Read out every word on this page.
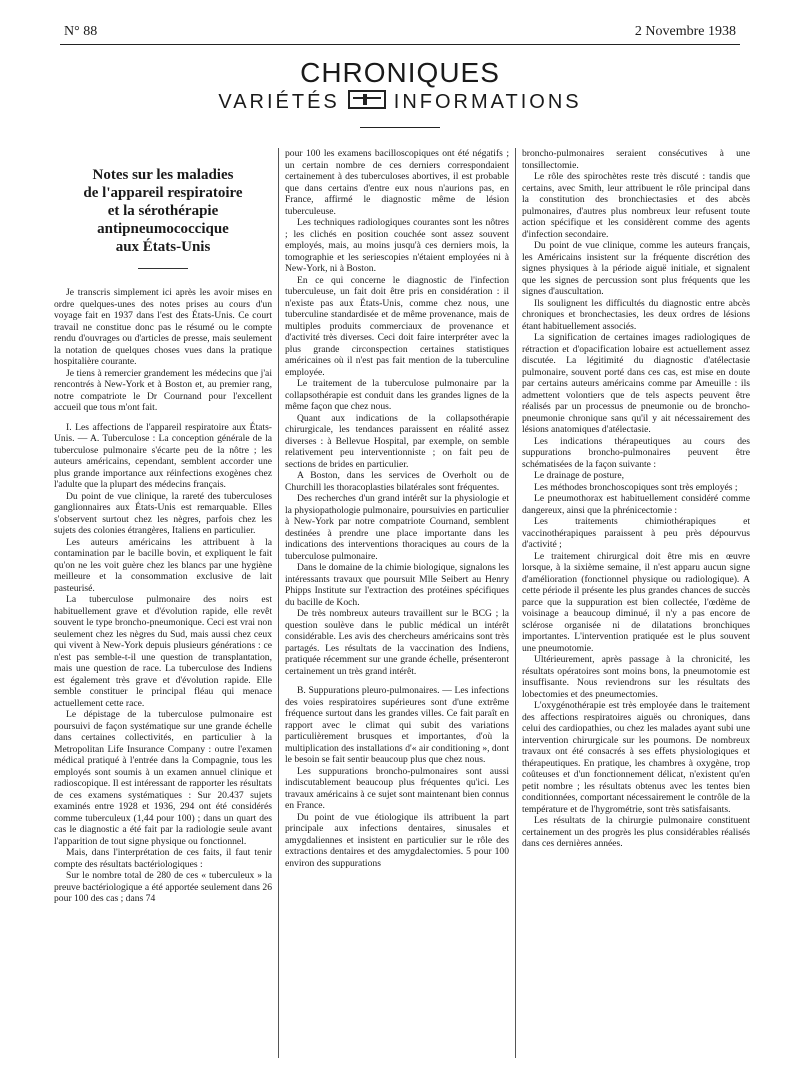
N° 88	2 Novembre 1938
CHRONIQUES
VARIÉTÉS	INFORMATIONS
Notes sur les maladies
de l'appareil respiratoire
et la sérothérapie
antipneumococcique
aux États-Unis

Je transcris simplement ici après les avoir mises en ordre quelques-unes des notes prises au cours d'un voyage fait en 1937 dans l'est des États-Unis. Ce court travail ne constitue donc pas le résumé ou le compte rendu d'ouvrages ou d'articles de presse, mais seulement la notation de quelques choses vues dans la pratique hospitalière courante.

Je tiens à remercier grandement les médecins que j'ai rencontrés à New-York et à Boston et, au premier rang, notre compatriote le Dr Cournand pour l'excellent accueil que tous m'ont fait.

I. Les affections de l'appareil respiratoire aux États-Unis. — A. Tuberculose : La conception générale de la tuberculose pulmonaire s'écarte peu de la nôtre ; les auteurs américains, cependant, semblent accorder une plus grande importance aux réinfections exogènes chez l'adulte que la plupart des médecins français.

Du point de vue clinique, la rareté des tuberculoses ganglionnaires aux États-Unis est remarquable. Elles s'observent surtout chez les nègres, parfois chez les sujets des colonies étrangères, Italiens en particulier.

Les auteurs américains les attribuent à la contamination par le bacille bovin, et expliquent le fait qu'on ne les voit guère chez les blancs par une hygiène meilleure et la consommation exclusive de lait pasteurisé.

La tuberculose pulmonaire des noirs est habituellement grave et d'évolution rapide, elle revêt souvent le type broncho-pneumonique. Ceci est vrai non seulement chez les nègres du Sud, mais aussi chez ceux qui vivent à New-York depuis plusieurs générations : ce n'est pas semble-t-il une question de transplantation, mais une question de race. La tuberculose des Indiens est également très grave et d'évolution rapide. Elle semble constituer le principal fléau qui menace actuellement cette race.

Le dépistage de la tuberculose pulmonaire est poursuivi de façon systématique sur une grande échelle dans certaines collectivités, en particulier à la Metropolitan Life Insurance Company : outre l'examen médical pratiqué à l'entrée dans la Compagnie, tous les employés sont soumis à un examen annuel clinique et radioscopique. Il est intéressant de rapporter les résultats de ces examens systématiques : Sur 20.437 sujets examinés entre 1928 et 1936, 294 ont été considérés comme tuberculeux (1,44 pour 100) ; dans un quart des cas le diagnostic a été fait par la radiologie seule avant l'apparition de tout signe physique ou fonctionnel.

Mais, dans l'interprétation de ces faits, il faut tenir compte des résultats bactériologiques :

Sur le nombre total de 280 de ces « tuberculeux » la preuve bactériologique a été apportée seulement dans 26 pour 100 des cas ; dans 74

pour 100 les examens bacilloscopiques ont été négatifs ; un certain nombre de ces derniers correspondaient certainement à des tuberculoses abortives, il est probable que dans certains d'entre eux nous n'aurions pas, en France, affirmé le diagnostic même de lésion tuberculeuse.

Les techniques radiologiques courantes sont les nôtres ; les clichés en position couchée sont assez souvent employés, mais, au moins jusqu'à ces derniers mois, la tomographie et les seriescopies n'étaient employées ni à New-York, ni à Boston.

En ce qui concerne le diagnostic de l'infection tuberculeuse, un fait doit être pris en considération : il n'existe pas aux États-Unis, comme chez nous, une tuberculine standardisée et de même provenance, mais de multiples produits commerciaux de provenance et d'activité très diverses. Ceci doit faire interpréter avec la plus grande circonspection certaines statistiques américaines où il n'est pas fait mention de la tuberculine employée.

Le traitement de la tuberculose pulmonaire par la collapsothérapie est conduit dans les grandes lignes de la même façon que chez nous.

Quant aux indications de la collapsothérapie chirurgicale, les tendances paraissent en réalité assez diverses : à Bellevue Hospital, par exemple, on semble relativement peu interventionniste ; on fait peu de sections de brides en particulier.

A Boston, dans les services de Overholt ou de Churchill les thoracoplasties bilatérales sont fréquentes.

Des recherches d'un grand intérêt sur la physiologie et la physiopathologie pulmonaire, poursuivies en particulier à New-York par notre compatriote Cournand, semblent destinées à prendre une place importante dans les indications des interventions thoraciques au cours de la tuberculose pulmonaire.

Dans le domaine de la chimie biologique, signalons les intéressants travaux que poursuit Mlle Seibert au Henry Phipps Institute sur l'extraction des protéines spécifiques du bacille de Koch.

De très nombreux auteurs travaillent sur le BCG ; la question soulève dans le public médical un intérêt considérable. Les avis des chercheurs américains sont très partagés. Les résultats de la vaccination des Indiens, pratiquée récemment sur une grande échelle, présenteront certainement un très grand intérêt.

B. Suppurations pleuro-pulmonaires. — Les infections des voies respiratoires supérieures sont d'une extrême fréquence surtout dans les grandes villes. Ce fait paraît en rapport avec le climat qui subit des variations particulièrement brusques et importantes, d'où la multiplication des installations d'« air conditioning », dont le besoin se fait sentir beaucoup plus que chez nous.

Les suppurations broncho-pulmonaires sont aussi indiscutablement beaucoup plus fréquentes qu'ici. Les travaux américains à ce sujet sont maintenant bien connus en France.

Du point de vue étiologique ils attribuent la part principale aux infections dentaires, sinusales et amygdaliennes et insistent en particulier sur le rôle des extractions dentaires et des amygdalectomies. 5 pour 100 environ des suppurations

broncho-pulmonaires seraient consécutives à une tonsillectomie.

Le rôle des spirochètes reste très discuté : tandis que certains, avec Smith, leur attribuent le rôle principal dans la constitution des bronchiectasies et des abcès pulmonaires, d'autres plus nombreux leur refusent toute action spécifique et les considèrent comme des agents d'infection secondaire.

Du point de vue clinique, comme les auteurs français, les Américains insistent sur la fréquente discrétion des signes physiques à la période aiguë initiale, et signalent que les signes de percussion sont plus fréquents que les signes d'auscultation.

Ils soulignent les difficultés du diagnostic entre abcès chroniques et bronchectasies, les deux ordres de lésions étant habituellement associés.

La signification de certaines images radiologiques de rétraction et d'opacification lobaire est actuellement assez discutée. La légitimité du diagnostic d'atélectasie pulmonaire, souvent porté dans ces cas, est mise en doute par certains auteurs américains comme par Ameuille : ils admettent volontiers que de tels aspects peuvent être réalisés par un processus de pneumonie ou de broncho-pneumonie chronique sans qu'il y ait nécessairement des lésions anatomiques d'atélectasie.

Les indications thérapeutiques au cours des suppurations broncho-pulmonaires peuvent être schématisées de la façon suivante :

Le drainage de posture,

Les méthodes bronchoscopiques sont très employés ;

Le pneumothorax est habituellement considéré comme dangereux, ainsi que la phrénicectomie :

Les traitements chimiothérapiques et vaccinothérapiques paraissent à peu près dépourvus d'activité ;

Le traitement chirurgical doit être mis en œuvre lorsque, à la sixième semaine, il n'est apparu aucun signe d'amélioration (fonctionnel physique ou radiologique). A cette période il présente les plus grandes chances de succès parce que la suppuration est bien collectée, l'œdème de voisinage a beaucoup diminué, il n'y a pas encore de sclérose organisée ni de dilatations bronchiques importantes. L'intervention pratiquée est le plus souvent une pneumotomie.

Ultérieurement, après passage à la chronicité, les résultats opératoires sont moins bons, la pneumotomie est insuffisante. Nous reviendrons sur les résultats des lobectomies et des pneumectomies.

L'oxygénothérapie est très employée dans le traitement des affections respiratoires aiguës ou chroniques, dans celui des cardiopathies, ou chez les malades ayant subi une intervention chirurgicale sur les poumons. De nombreux travaux ont été consacrés à ses effets physiologiques et thérapeutiques. En pratique, les chambres à oxygène, trop coûteuses et d'un fonctionnement délicat, n'existent qu'en petit nombre ; les résultats obtenus avec les tentes bien conditionnées, comportant nécessairement le contrôle de la température et de l'hygrométrie, sont très satisfaisants.

Les résultats de la chirurgie pulmonaire constituent certainement un des progrès les plus considérables réalisés dans ces dernières années.
